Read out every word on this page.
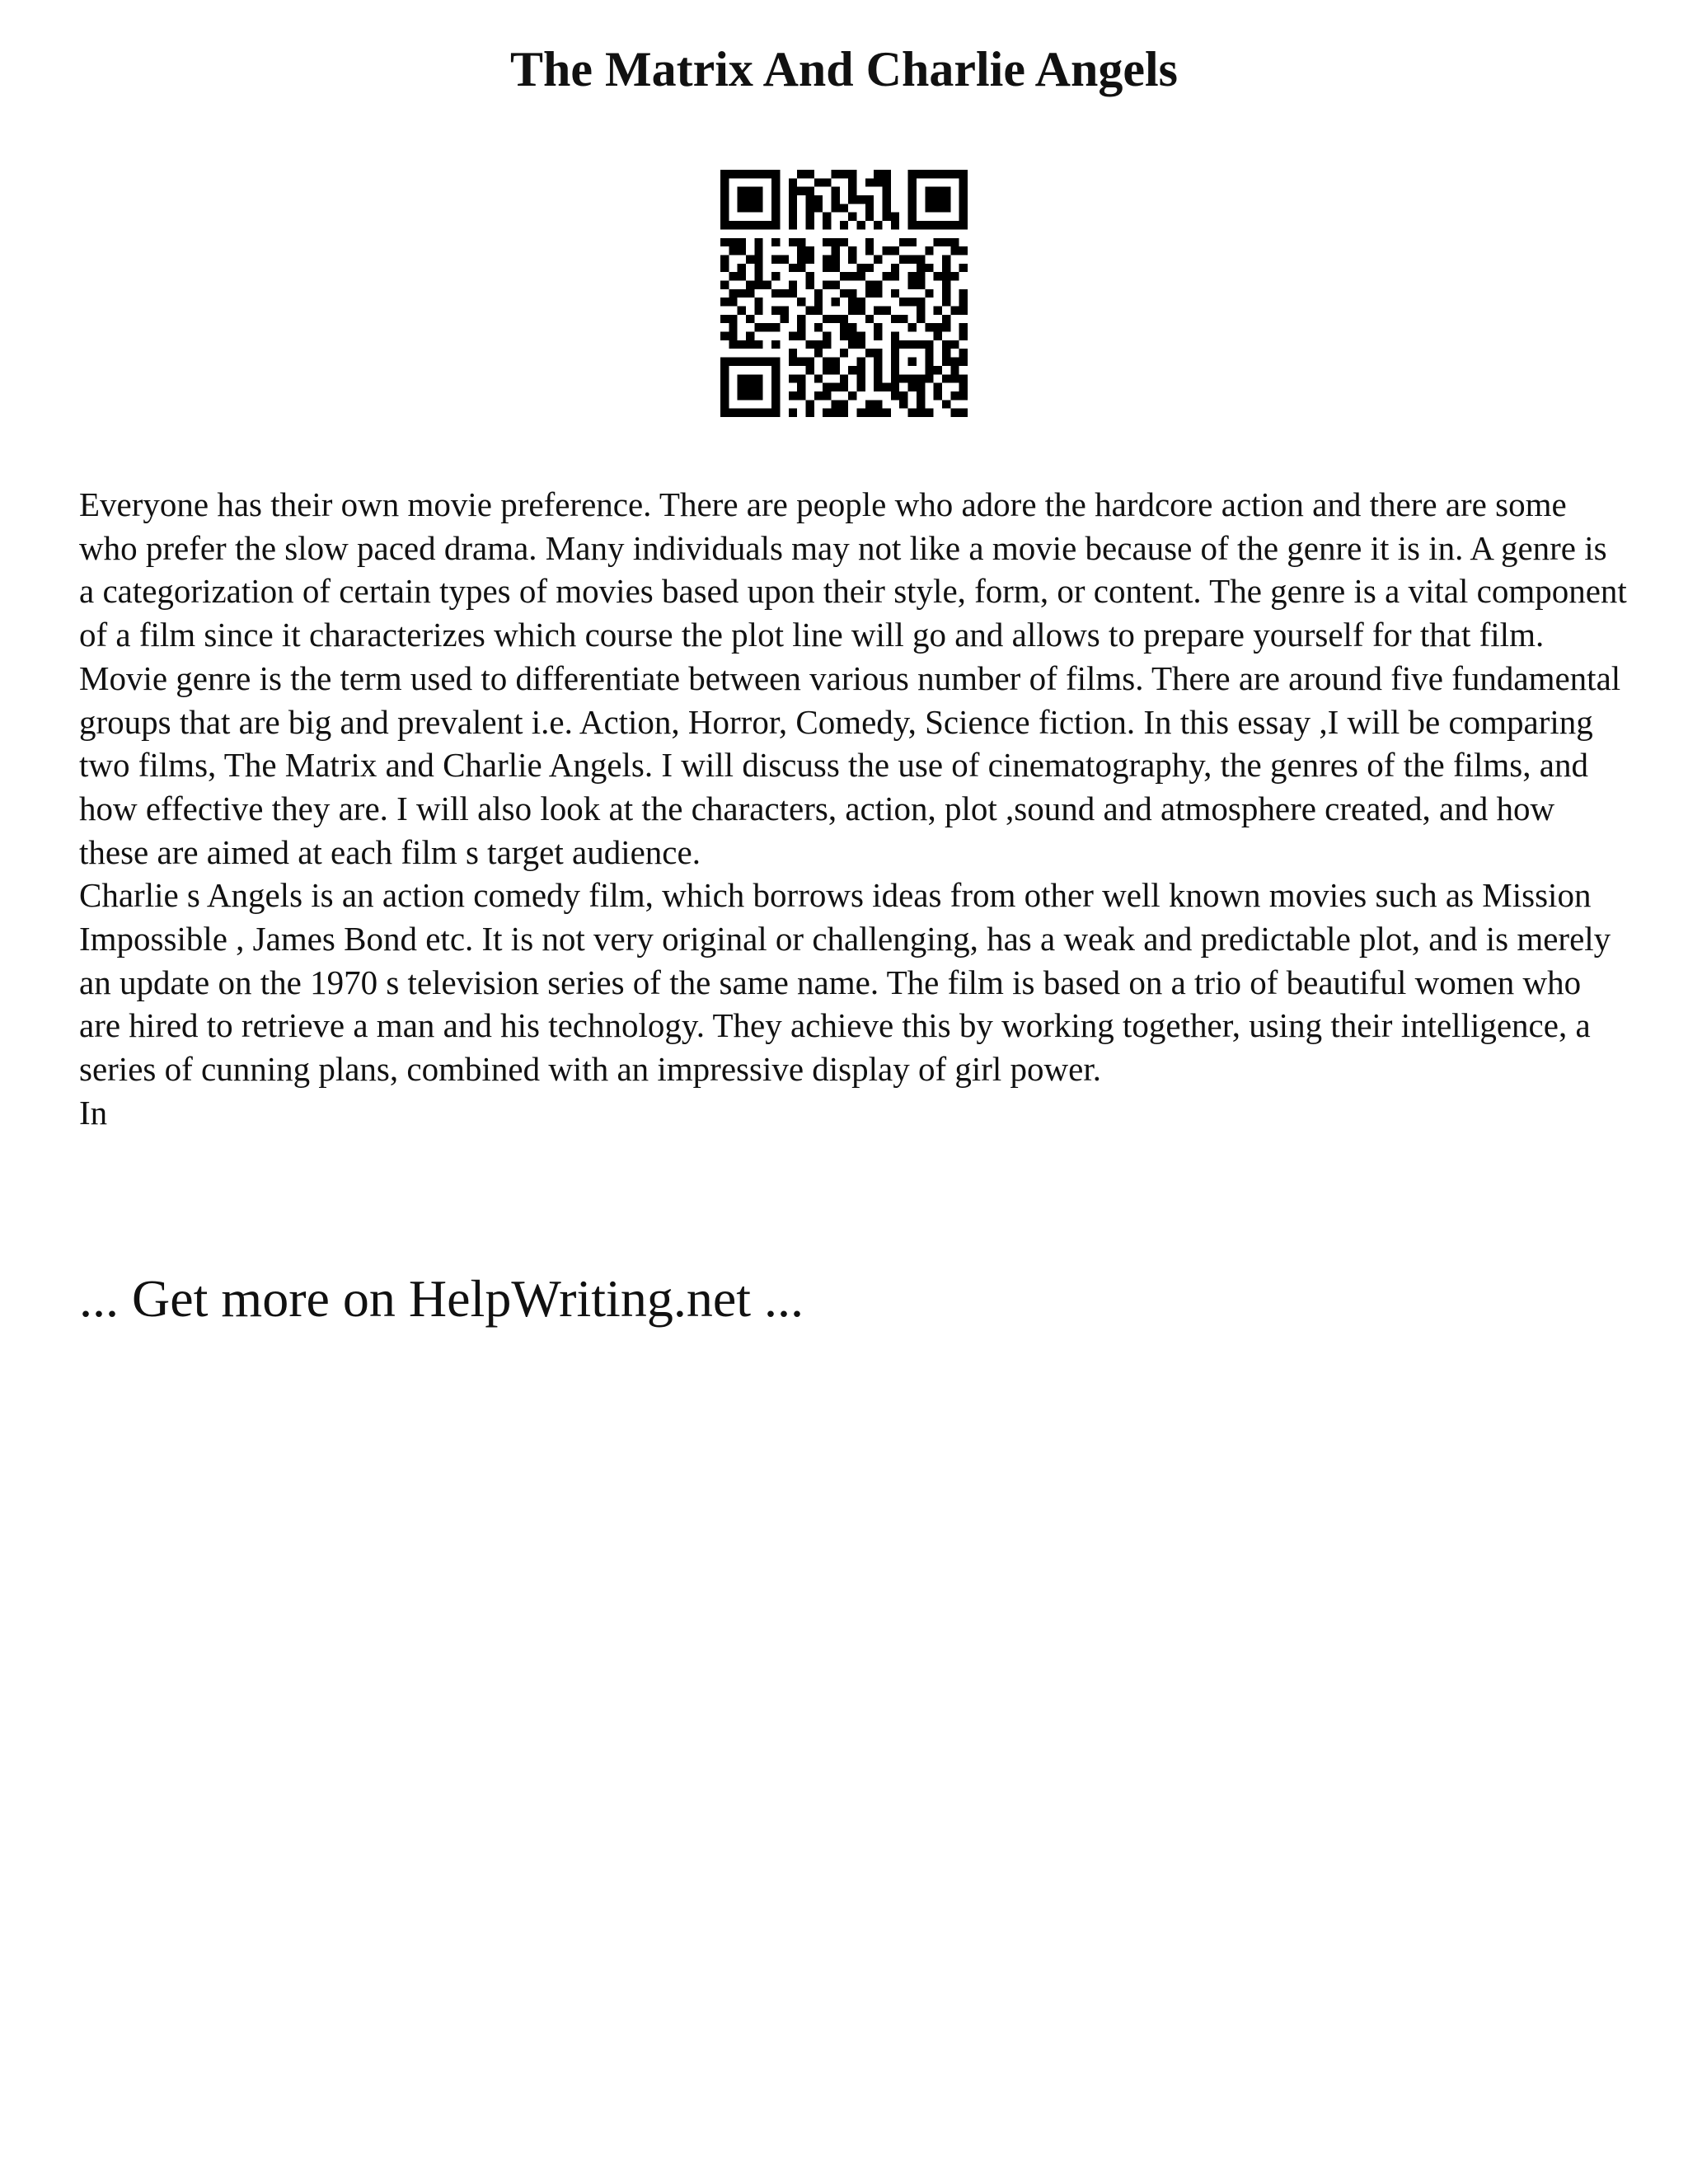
The Matrix And Charlie Angels

Everyone has their own movie preference. There are people who adore the hardcore action and there are some who prefer the slow paced drama. Many individuals may not like a movie because of the genre it is in. A genre is a categorization of certain types of movies based upon their style, form, or content. The genre is a vital component of a film since it characterizes which course the plot line will go and allows to prepare yourself for that film. Movie genre is the term used to differentiate between various number of films. There are around five fundamental groups that are big and prevalent i.e. Action, Horror, Comedy, Science fiction. In this essay ,I will be comparing two films, The Matrix and Charlie Angels. I will discuss the use of cinematography, the genres of the films, and how effective they are. I will also look at the characters, action, plot ,sound and atmosphere created, and how these are aimed at each film s target audience.

Charlie s Angels is an action comedy film, which borrows ideas from other well known movies such as Mission Impossible , James Bond etc. It is not very original or challenging, has a weak and predictable plot, and is merely an update on the 1970 s television series of the same name. The film is based on a trio of beautiful women who are hired to retrieve a man and his technology. They achieve this by working together, using their intelligence, a series of cunning plans, combined with an impressive display of girl power.

In

... Get more on HelpWriting.net ...
